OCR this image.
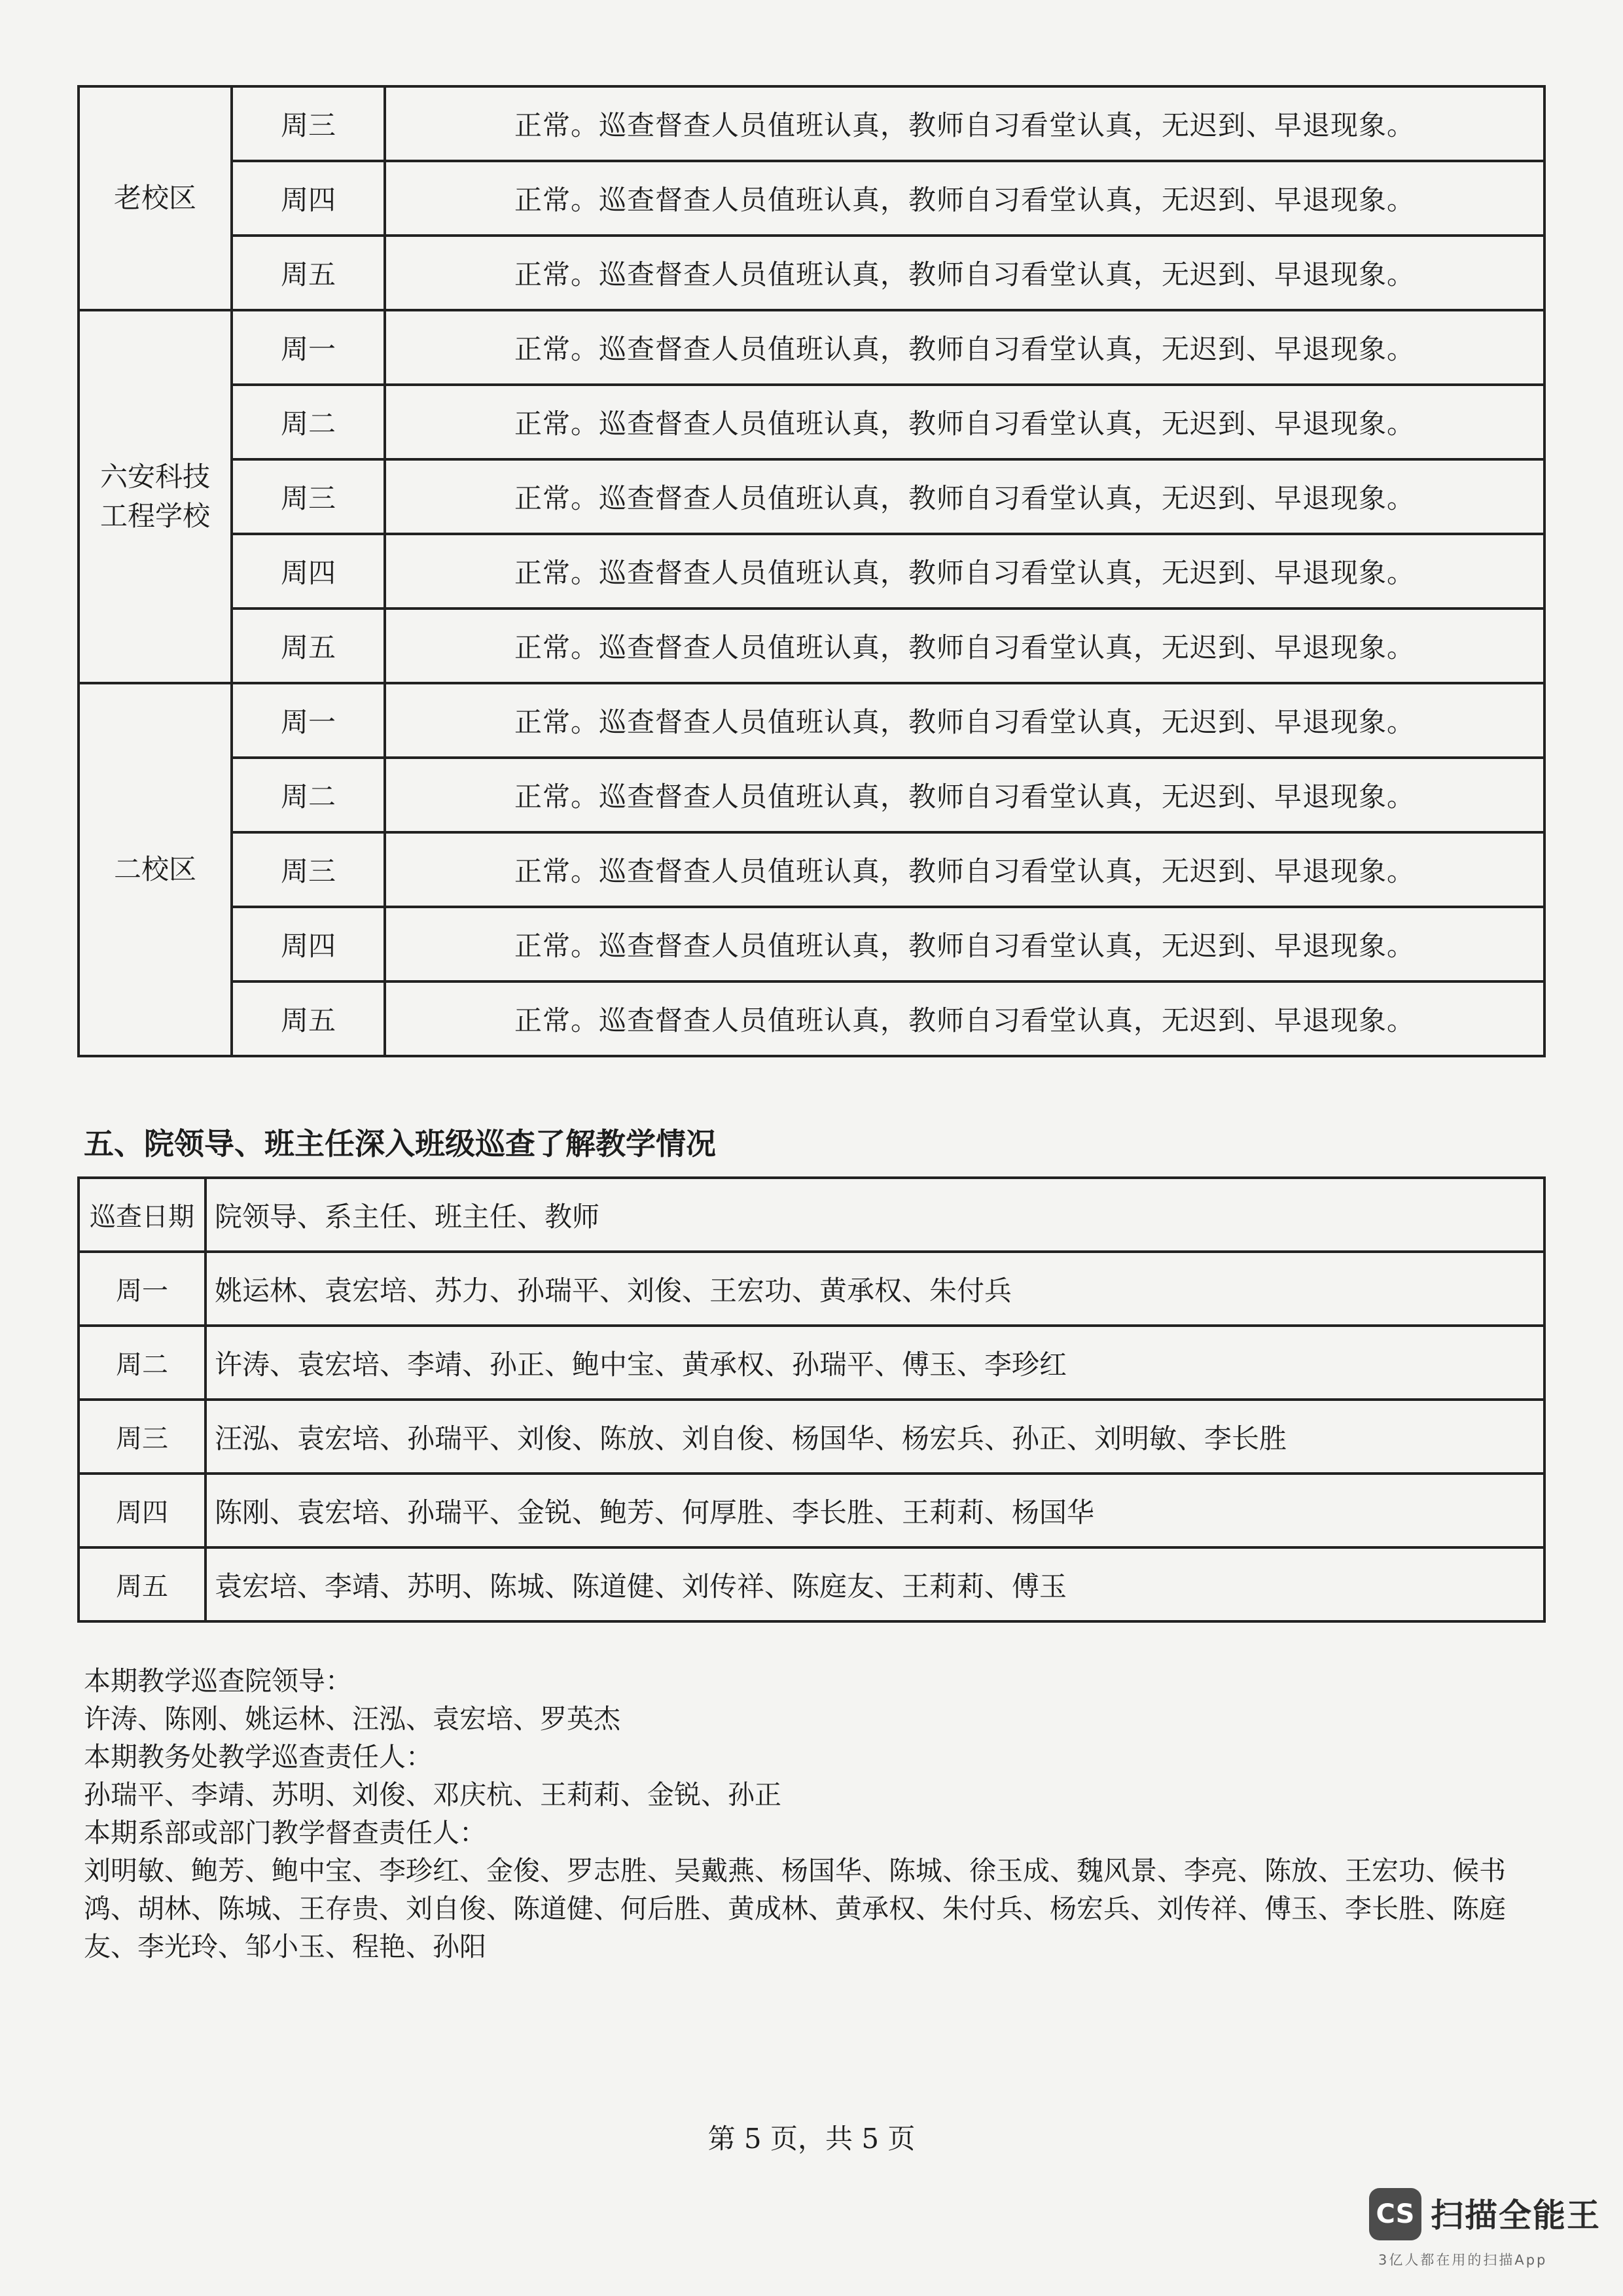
老校区	周三	正常。巡查督查人员值班认真，教师自习看堂认真，无迟到、早退现象。
	周四	正常。巡查督查人员值班认真，教师自习看堂认真，无迟到、早退现象。
	周五	正常。巡查督查人员值班认真，教师自习看堂认真，无迟到、早退现象。
六安科技工程学校	周一	正常。巡查督查人员值班认真，教师自习看堂认真，无迟到、早退现象。
	周二	正常。巡查督查人员值班认真，教师自习看堂认真，无迟到、早退现象。
	周三	正常。巡查督查人员值班认真，教师自习看堂认真，无迟到、早退现象。
	周四	正常。巡查督查人员值班认真，教师自习看堂认真，无迟到、早退现象。
	周五	正常。巡查督查人员值班认真，教师自习看堂认真，无迟到、早退现象。
二校区	周一	正常。巡查督查人员值班认真，教师自习看堂认真，无迟到、早退现象。
	周二	正常。巡查督查人员值班认真，教师自习看堂认真，无迟到、早退现象。
	周三	正常。巡查督查人员值班认真，教师自习看堂认真，无迟到、早退现象。
	周四	正常。巡查督查人员值班认真，教师自习看堂认真，无迟到、早退现象。
	周五	正常。巡查督查人员值班认真，教师自习看堂认真，无迟到、早退现象。
五、院领导、班主任深入班级巡查了解教学情况
巡查日期	院领导、系主任、班主任、教师
周一	姚运林、袁宏培、苏力、孙瑞平、刘俊、王宏功、黄承权、朱付兵
周二	许涛、袁宏培、李靖、孙正、鲍中宝、黄承权、孙瑞平、傅玉、李珍红
周三	汪泓、袁宏培、孙瑞平、刘俊、陈放、刘自俊、杨国华、杨宏兵、孙正、刘明敏、李长胜
周四	陈刚、袁宏培、孙瑞平、金锐、鲍芳、何厚胜、李长胜、王莉莉、杨国华
周五	袁宏培、李靖、苏明、陈城、陈道健、刘传祥、陈庭友、王莉莉、傅玉

本期教学巡查院领导：

许涛、陈刚、姚运林、汪泓、袁宏培、罗英杰

本期教务处教学巡查责任人：

孙瑞平、李靖、苏明、刘俊、邓庆杭、王莉莉、金锐、孙正

本期系部或部门教学督查责任人：

刘明敏、鲍芳、鲍中宝、李珍红、金俊、罗志胜、吴戴燕、杨国华、陈城、徐玉成、魏风景、李亮、陈放、王宏功、候书鸿、胡林、陈城、王存贵、刘自俊、陈道健、何后胜、黄成林、黄承权、朱付兵、杨宏兵、刘传祥、傅玉、李长胜、陈庭友、李光玲、邹小玉、程艳、孙阳

第 5 页，共 5 页
CS 扫描全能王
3亿人都在用的扫描App
